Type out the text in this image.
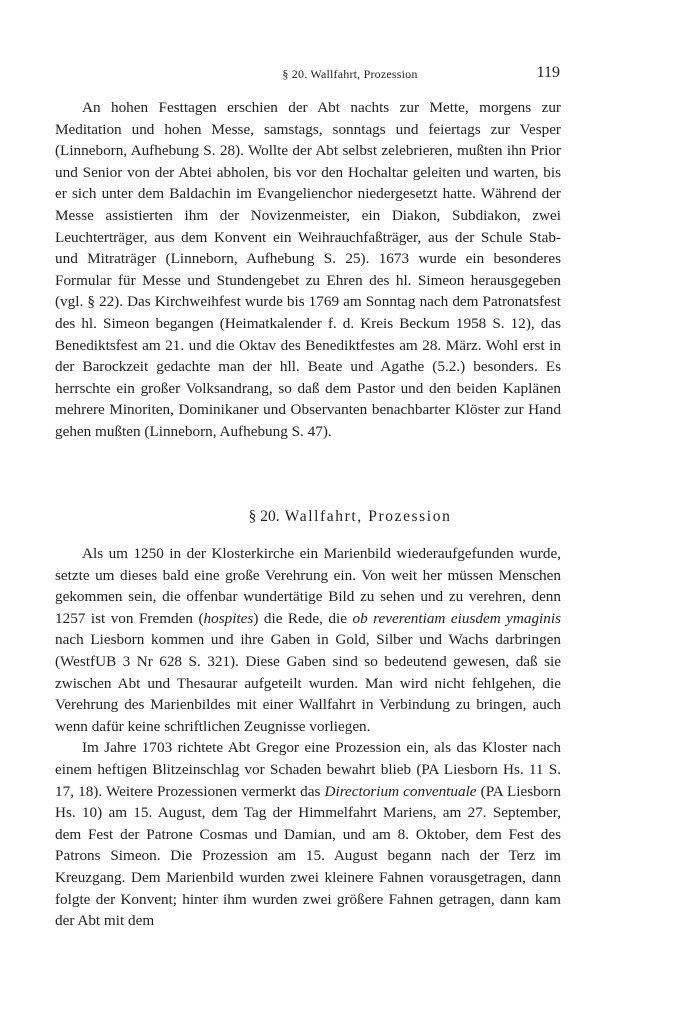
§ 20. Wallfahrt, Prozession	119

An hohen Festtagen erschien der Abt nachts zur Mette, morgens zur Meditation und hohen Messe, samstags, sonntags und feiertags zur Vesper (Linneborn, Aufhebung S. 28). Wollte der Abt selbst zelebrieren, mußten ihn Prior und Senior von der Abtei abholen, bis vor den Hochaltar geleiten und warten, bis er sich unter dem Baldachin im Evangelienchor niedergesetzt hatte. Während der Messe assistierten ihm der Novizenmeister, ein Diakon, Subdiakon, zwei Leuchterträger, aus dem Konvent ein Weihrauchfaßträger, aus der Schule Stab- und Mitraträger (Linneborn, Aufhebung S. 25). 1673 wurde ein besonderes Formular für Messe und Stundengebet zu Ehren des hl. Simeon herausgegeben (vgl. § 22). Das Kirchweihfest wurde bis 1769 am Sonntag nach dem Patronatsfest des hl. Simeon begangen (Heimatkalender f. d. Kreis Beckum 1958 S. 12), das Benediktsfest am 21. und die Oktav des Benediktfestes am 28. März. Wohl erst in der Barockzeit gedachte man der hll. Beate und Agathe (5.2.) besonders. Es herrschte ein großer Volksandrang, so daß dem Pastor und den beiden Kaplänen mehrere Minoriten, Dominikaner und Observanten benachbarter Klöster zur Hand gehen mußten (Linneborn, Aufhebung S. 47).

§ 20. Wallfahrt, Prozession

Als um 1250 in der Klosterkirche ein Marienbild wiederaufgefunden wurde, setzte um dieses bald eine große Verehrung ein. Von weit her müssen Menschen gekommen sein, die offenbar wundertätige Bild zu sehen und zu verehren, denn 1257 ist von Fremden (hospites) die Rede, die ob reverentiam eiusdem ymaginis nach Liesborn kommen und ihre Gaben in Gold, Silber und Wachs darbringen (WestfUB 3 Nr 628 S. 321). Diese Gaben sind so bedeutend gewesen, daß sie zwischen Abt und Thesaurar aufgeteilt wurden. Man wird nicht fehlgehen, die Verehrung des Marienbildes mit einer Wallfahrt in Verbindung zu bringen, auch wenn dafür keine schriftlichen Zeugnisse vorliegen.

Im Jahre 1703 richtete Abt Gregor eine Prozession ein, als das Kloster nach einem heftigen Blitzeinschlag vor Schaden bewahrt blieb (PA Liesborn Hs. 11 S. 17, 18). Weitere Prozessionen vermerkt das Directorium conventuale (PA Liesborn Hs. 10) am 15. August, dem Tag der Himmelfahrt Mariens, am 27. September, dem Fest der Patrone Cosmas und Damian, und am 8. Oktober, dem Fest des Patrons Simeon. Die Prozession am 15. August begann nach der Terz im Kreuzgang. Dem Marienbild wurden zwei kleinere Fahnen vorausgetragen, dann folgte der Konvent; hinter ihm wurden zwei größere Fahnen getragen, dann kam der Abt mit dem
